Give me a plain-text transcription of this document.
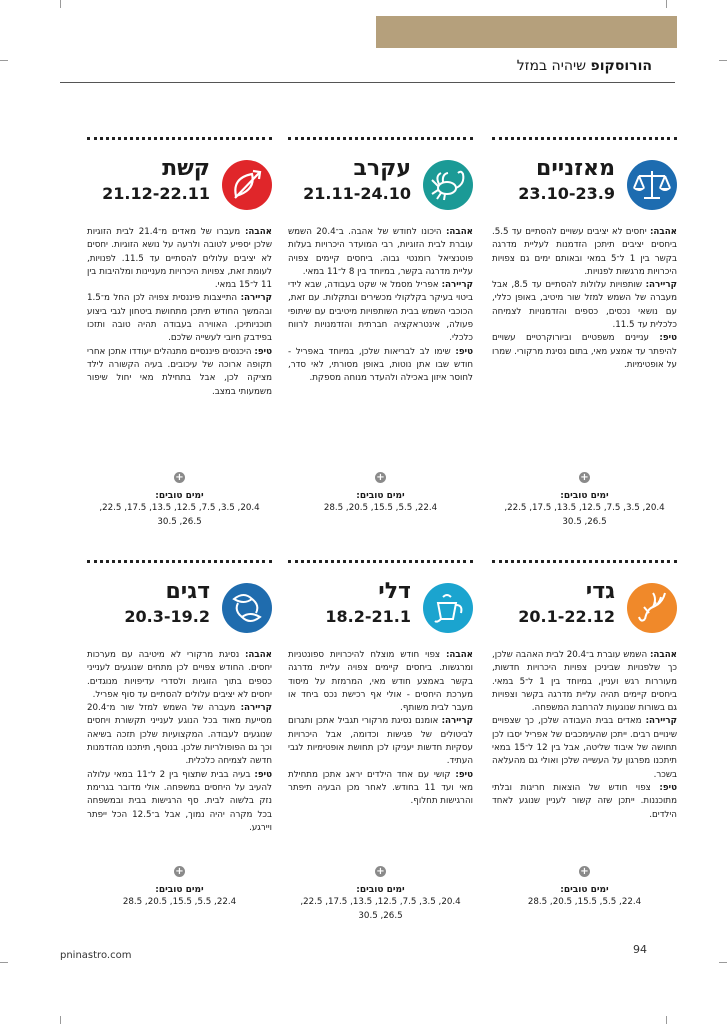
הורוסקופ שיהיה במזל
מאזניים
23.10-23.9
אהבה: יחסים לא יציבים עשויים להסתיים עד 5.5. ביחסים יציבים תיתכן הזדמנות לעליית מדרגה בקשר בין 1 ל־5 במאי ובאותם ימים גם צפויות היכרויות מרגשות לפנויות.
קריירה: שותפויות עלולות להסתיים עד 8.5, אבל מעברה של השמש למזל שור מיטיב, באופן כללי, עם נושאי נכסים, כספים והזדמנויות לצמיחה כלכלית עד 11.5.
טיפ: עניינים משפטיים וביורוקרטיים עשויים להיפתר עד אמצע מאי, בתום נסיגת מרקורי. שמרו על אופטימיות.
עקרב
21.11-24.10
אהבה: היכונו לחודש של אהבה. ב־20.4 השמש עוברת לבית הזוגיות, רבי המועדר היכרויות בעלות פוטנציאל רומנטי גבוה. ביחסים קיימים צפויה עליית מדרגה בקשר, במיוחד בין 8 ל־11 במאי.
קריירה: אפריל מסמל אי שקט בעבודה, שבא לידי ביטוי בעיקר בקלקולי מכשירים ובתקלות. עם זאת, הכוכבי השמש בבית השותפויות מיטיבים עם שיתופי פעולה, אינטראקציה חברתית והזדמנויות לרווח כלכלי.
טיפ: שימו לב לבריאות שלכן, במיוחד באפריל - חודש שבו אתן נוטות, באופן מסורתי, לאי סדר, לחוסר איזון באכילה ולהעדר מנוחה מספקת.
קשת
21.12-22.11
אהבה: מעברו של מאדים מ־21.4 לבית הזוגיות שלכן יספיע לטובה ולרעה על נושא הזוגיות. יחסים לא יציבים עלולים להסתיים עד 11.5. לפנויות, לעומת זאת, צפויות היכרויות מעניינות ומלהיבות בין 11 ל־15 במאי.
קריירה: התייצבות פיננסית צפויה לכן החל מ־1.5 ובהמשך החודש תיתכן מתחושת ביטחון לגבי ביצוע תוכניותיכן. האווירה בעבודה תהיה טובה ותזכו בפידבק חיובי לעשייה שלכם.
טיפ: היכנסים פיננסיים מתנהלים יעודדו אתכן אחרי תקופה ארוכה של עיכובים. בעיה הקשורה לילד מציקה לכן, אבל בתחילת מאי יחול שיפור משמעותי במצב.
+
ימים טובים:
20.4, 3.5, 7.5, 12.5, 13.5, 17.5, 22.5, 26.5, 30.5
+
ימים טובים:
22.4, 5.5, 15.5, 20.5, 28.5
+
ימים טובים:
20.4, 3.5, 7.5, 12.5, 13.5, 17.5, 22.5, 26.5, 30.5
גדי
20.1-22.12
אהבה: השמש עוברת ב־20.4 לבית האהבה שלכן, כך שלפנויות שביניכן צפויות היכרויות חדשות, מעוררות רגש ועניין, במיוחד בין 1 ל־5 במאי. ביחסים קיימים תהיה עליית מדרגה בקשר וצפויות גם בשורות שנוגעות להרחבת המשפחה.
קריירה: מאדים בבית העבודה שלכן, כך שצפויים שינויים רבים. ייתכן שהעימכבים של אפריל יסבו לכן תחושה של איבוד שליטה, אבל בין 12 ל־15 במאי תיתכנו מפרגון על העשייה שלכן ואולי גם מהעלאה בשכר.
טיפ: צפוי חודש של הוצאות חריגות ובלתי מתוכננות. ייתכן שזה קשור לעניין שנוגע לאחד הילדים.
דלי
18.2-21.1
אהבה: צפוי חודש מוצלח להיכרויות ספונטניות ומרגשות. ביחסים קיימים צפויה עליית מדרגה בקשר באמצע חודש מאי, המרמזת על מיסוד מערכת היחסים - אולי אף רכישת נכס ביחד או מעבר לבית משותף.
קריירה: אומנם נסיגת מרקורי תגביל אתכן ותגרום לביטולים של פגישות וכדומה, אבל היכרויות עסקיות חדשות יעניקו לכן תחושת אופטימיות לגבי העתיד.
טיפ: קושי עם אחד הילדים יראג אתכן מתחילת מאי ועד 11 בחודש. לאחר מכן הבעיה תיפתר והרגישות תחלוף.
דגים
20.3-19.2
אהבה: נסיגת מרקורי לא מיטיבה עם מערכות יחסים. החודש צפויים לכן מתחים שנוגעים לענייני כספים בתוך הזוגיות ולסדרי עדיפויות מנוגדים. יחסים לא יציבים עלולים להסתיים עד סוף אפריל.
קריירה: מעברה של השמש למזל שור מ־20.4 מסייעת מאוד בכל הנוגע לענייני תקשורת ויחסים שנוגעים לעבודה. המקצועיות שלכן תזכה בשיאה וכך גם הפופולריות שלכן. בנוסף, תיתכנו מהזדמנות חדשה לצמיחה כלכלית.
טיפ: בעיה בבית שתצוף בין 2 ל־11 במאי עלולה להעיב על היחסים במשפחה. אולי מדובר בגרימת נזק בלשוה לבית. סף הרגישות בבית ובמשפחה בכל מקרה יהיה נמוך, אבל ב־12.5 הכל ייפתר ויירגע.
+
ימים טובים:
22.4, 5.5, 15.5, 20.5, 28.5
+
ימים טובים:
20.4, 3.5, 7.5, 12.5, 13.5, 17.5, 22.5, 26.5, 30.5
+
ימים טובים:
22.4, 5.5, 15.5, 20.5, 28.5
pninastro.com	94
